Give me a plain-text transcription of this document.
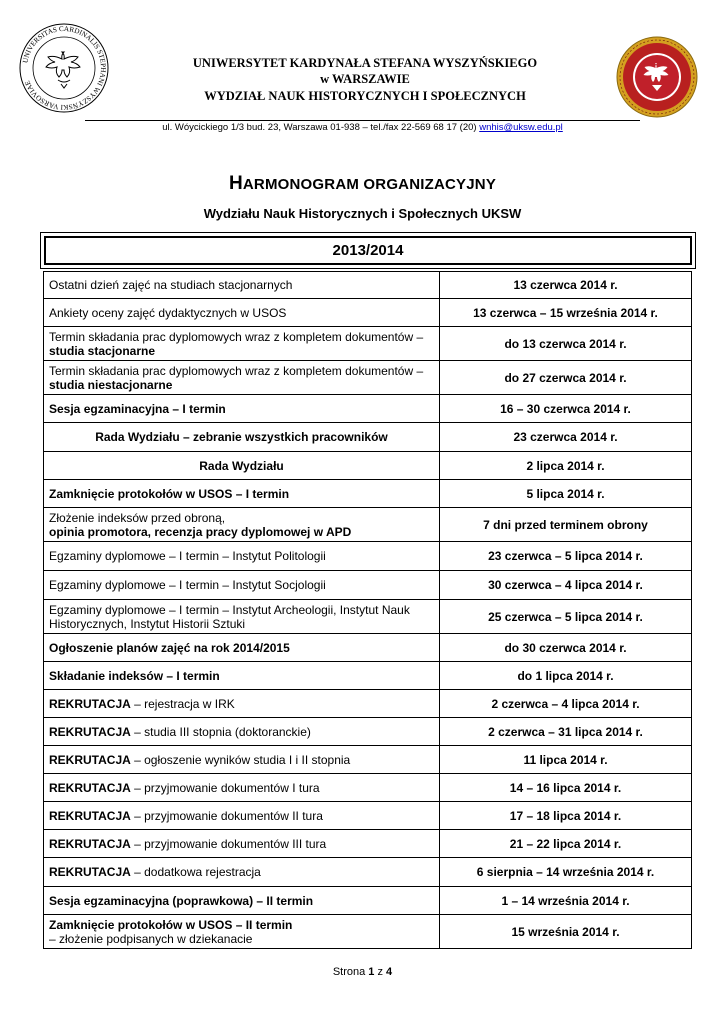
UNIVERSITAS CARDINALIS STEPHANI WYSZYŃSKI VARSOVIAE
UNIWERSYTET KARDYNAŁA STEFANA WYSZYŃSKIEGO
w WARSZAWIE
WYDZIAŁ NAUK HISTORYCZNYCH I SPOŁECZNYCH
ul. Wóycickiego 1/3 bud. 23, Warszawa 01-938 – tel./fax 22-569 68 17 (20) wnhis@uksw.edu.pl
HARMONOGRAM ORGANIZACYJNY
Wydziału Nauk Historycznych i Społecznych UKSW
2013/2014
Ostatni dzień zajęć na studiach stacjonarnych	13 czerwca 2014 r.
Ankiety oceny zajęć dydaktycznych w USOS	13 czerwca – 15 września 2014 r.
Termin składania prac dyplomowych wraz z kompletem dokumentów – studia stacjonarne	do 13 czerwca 2014 r.
Termin składania prac dyplomowych wraz z kompletem dokumentów – studia niestacjonarne	do 27 czerwca 2014 r.
Sesja egzaminacyjna – I termin	16 – 30 czerwca 2014 r.
Rada Wydziału – zebranie wszystkich pracowników	23 czerwca 2014 r.
Rada Wydziału	2 lipca 2014 r.
Zamknięcie protokołów w USOS – I termin	5 lipca 2014 r.
Złożenie indeksów przed obroną,
opinia promotora, recenzja pracy dyplomowej w APD	7 dni przed terminem obrony
Egzaminy dyplomowe – I termin – Instytut Politologii	23 czerwca – 5 lipca 2014 r.
Egzaminy dyplomowe – I termin – Instytut Socjologii	30 czerwca – 4 lipca 2014 r.
Egzaminy dyplomowe – I termin – Instytut Archeologii, Instytut Nauk Historycznych, Instytut Historii Sztuki	25 czerwca – 5 lipca 2014 r.
Ogłoszenie planów zajęć na rok 2014/2015	do 30 czerwca 2014 r.
Składanie indeksów – I termin	do 1 lipca 2014 r.
REKRUTACJA – rejestracja w IRK	2 czerwca – 4 lipca 2014 r.
REKRUTACJA – studia III stopnia (doktoranckie)	2 czerwca – 31 lipca 2014 r.
REKRUTACJA – ogłoszenie wyników studia I i II stopnia	11 lipca 2014 r.
REKRUTACJA – przyjmowanie dokumentów I tura	14 – 16 lipca 2014 r.
REKRUTACJA – przyjmowanie dokumentów II tura	17 – 18 lipca 2014 r.
REKRUTACJA – przyjmowanie dokumentów III tura	21 – 22 lipca 2014 r.
REKRUTACJA – dodatkowa rejestracja	6 sierpnia – 14 września 2014 r.
Sesja egzaminacyjna (poprawkowa) – II termin	1 – 14 września 2014 r.
Zamknięcie protokołów w USOS – II termin
– złożenie podpisanych w dziekanacie	15 września 2014 r.
Strona 1 z 4
